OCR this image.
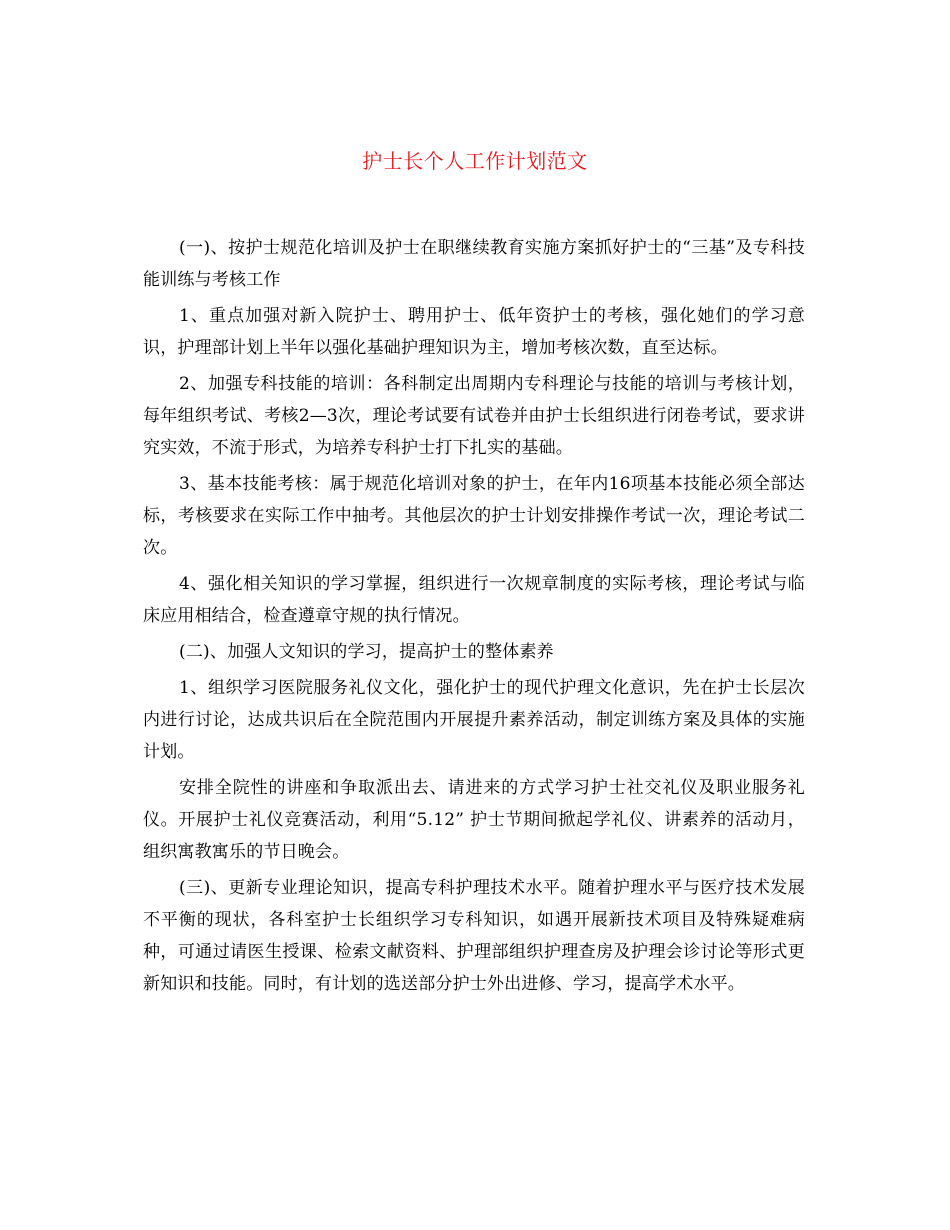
护士长个人工作计划范文

(一)、按护士规范化培训及护士在职继续教育实施方案抓好护士的“三基”及专科技能训练与考核工作

1、重点加强对新入院护士、聘用护士、低年资护士的考核，强化她们的学习意识，护理部计划上半年以强化基础护理知识为主，增加考核次数，直至达标。

2、加强专科技能的培训：各科制定出周期内专科理论与技能的培训与考核计划，每年组织考试、考核2—3次，理论考试要有试卷并由护士长组织进行闭卷考试，要求讲究实效，不流于形式，为培养专科护士打下扎实的基础。

3、基本技能考核：属于规范化培训对象的护士，在年内16项基本技能必须全部达标，考核要求在实际工作中抽考。其他层次的护士计划安排操作考试一次，理论考试二次。

4、强化相关知识的学习掌握，组织进行一次规章制度的实际考核，理论考试与临床应用相结合，检查遵章守规的执行情况。

(二)、加强人文知识的学习，提高护士的整体素养

1、组织学习医院服务礼仪文化，强化护士的现代护理文化意识，先在护士长层次内进行讨论，达成共识后在全院范围内开展提升素养活动，制定训练方案及具体的实施计划。

安排全院性的讲座和争取派出去、请进来的方式学习护士社交礼仪及职业服务礼仪。开展护士礼仪竞赛活动，利用“5.12” 护士节期间掀起学礼仪、讲素养的活动月，组织寓教寓乐的节日晚会。

(三)、更新专业理论知识，提高专科护理技术水平。随着护理水平与医疗技术发展不平衡的现状，各科室护士长组织学习专科知识，如遇开展新技术项目及特殊疑难病种，可通过请医生授课、检索文献资料、护理部组织护理查房及护理会诊讨论等形式更新知识和技能。同时，有计划的选送部分护士外出进修、学习，提高学术水平。
